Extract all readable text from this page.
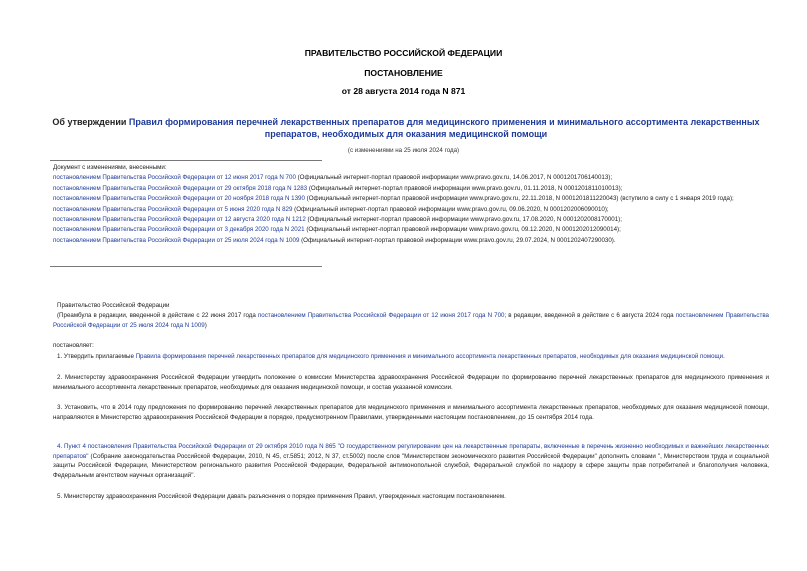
ПРАВИТЕЛЬСТВО РОССИЙСКОЙ ФЕДЕРАЦИИ
ПОСТАНОВЛЕНИЕ
от 28 августа 2014 года N 871
Об утверждении Правил формирования перечней лекарственных препаратов для медицинского применения и минимального ассортимента лекарственных препаратов, необходимых для оказания медицинской помощи
(с изменениями на 25 июля 2024 года)
Документ с изменениями, внесенными:
постановлением Правительства Российской Федерации от 12 июня 2017 года N 700 (Официальный интернет-портал правовой информации www.pravo.gov.ru, 14.06.2017, N 0001201706140013);
постановлением Правительства Российской Федерации от 29 октября 2018 года N 1283 (Официальный интернет-портал правовой информации www.pravo.gov.ru, 01.11.2018, N 0001201811010013);
постановлением Правительства Российской Федерации от 20 ноября 2018 года N 1390 (Официальный интернет-портал правовой информации www.pravo.gov.ru, 22.11.2018, N 0001201811220043) (вступило в силу с 1 января 2019 года);
постановлением Правительства Российской Федерации от 5 июня 2020 года N 829 (Официальный интернет-портал правовой информации www.pravo.gov.ru, 09.06.2020, N 0001202006090010);
постановлением Правительства Российской Федерации от 12 августа 2020 года N 1212 (Официальный интернет-портал правовой информации www.pravo.gov.ru, 17.08.2020, N 0001202008170001);
постановлением Правительства Российской Федерации от 3 декабря 2020 года N 2021 (Официальный интернет-портал правовой информации www.pravo.gov.ru, 09.12.2020, N 0001202012090014);
постановлением Правительства Российской Федерации от 25 июля 2024 года N 1009 (Официальный интернет-портал правовой информации www.pravo.gov.ru, 29.07.2024, N 0001202407290030).
Правительство Российской Федерации
(Преамбула в редакции, введенной в действие с 22 июня 2017 года постановлением Правительства Российской Федерации от 12 июня 2017 года N 700; в редакции, введенной в действие с 6 августа 2024 года постановлением Правительства Российской Федерации от 25 июля 2024 года N 1009)
постановляет:
1. Утвердить прилагаемые Правила формирования перечней лекарственных препаратов для медицинского применения и минимального ассортимента лекарственных препаратов, необходимых для оказания медицинской помощи.
2. Министерству здравоохранения Российской Федерации утвердить положение о комиссии Министерства здравоохранения Российской Федерации по формированию перечней лекарственных препаратов для медицинского применения и минимального ассортимента лекарственных препаратов, необходимых для оказания медицинской помощи, и состав указанной комиссии.
3. Установить, что в 2014 году предложения по формированию перечней лекарственных препаратов для медицинского применения и минимального ассортимента лекарственных препаратов, необходимых для оказания медицинской помощи, направляются в Министерство здравоохранения Российской Федерации в порядке, предусмотренном Правилами, утвержденными настоящим постановлением, до 15 сентября 2014 года.
4. Пункт 4 постановления Правительства Российской Федерации от 29 октября 2010 года N 865 "О государственном регулировании цен на лекарственные препараты, включенные в перечень жизненно необходимых и важнейших лекарственных препаратов" (Собрание законодательства Российской Федерации, 2010, N 45, ст.5851; 2012, N 37, ст.5002) после слов "Министерством экономического развития Российской Федерации" дополнить словами ", Министерством труда и социальной защиты Российской Федерации, Министерством регионального развития Российской Федерации, Федеральной антимонопольной службой, Федеральной службой по надзору в сфере защиты прав потребителей и благополучия человека, Федеральным агентством научных организаций".
5. Министерству здравоохранения Российской Федерации давать разъяснения о порядке применения Правил, утвержденных настоящим постановлением.
